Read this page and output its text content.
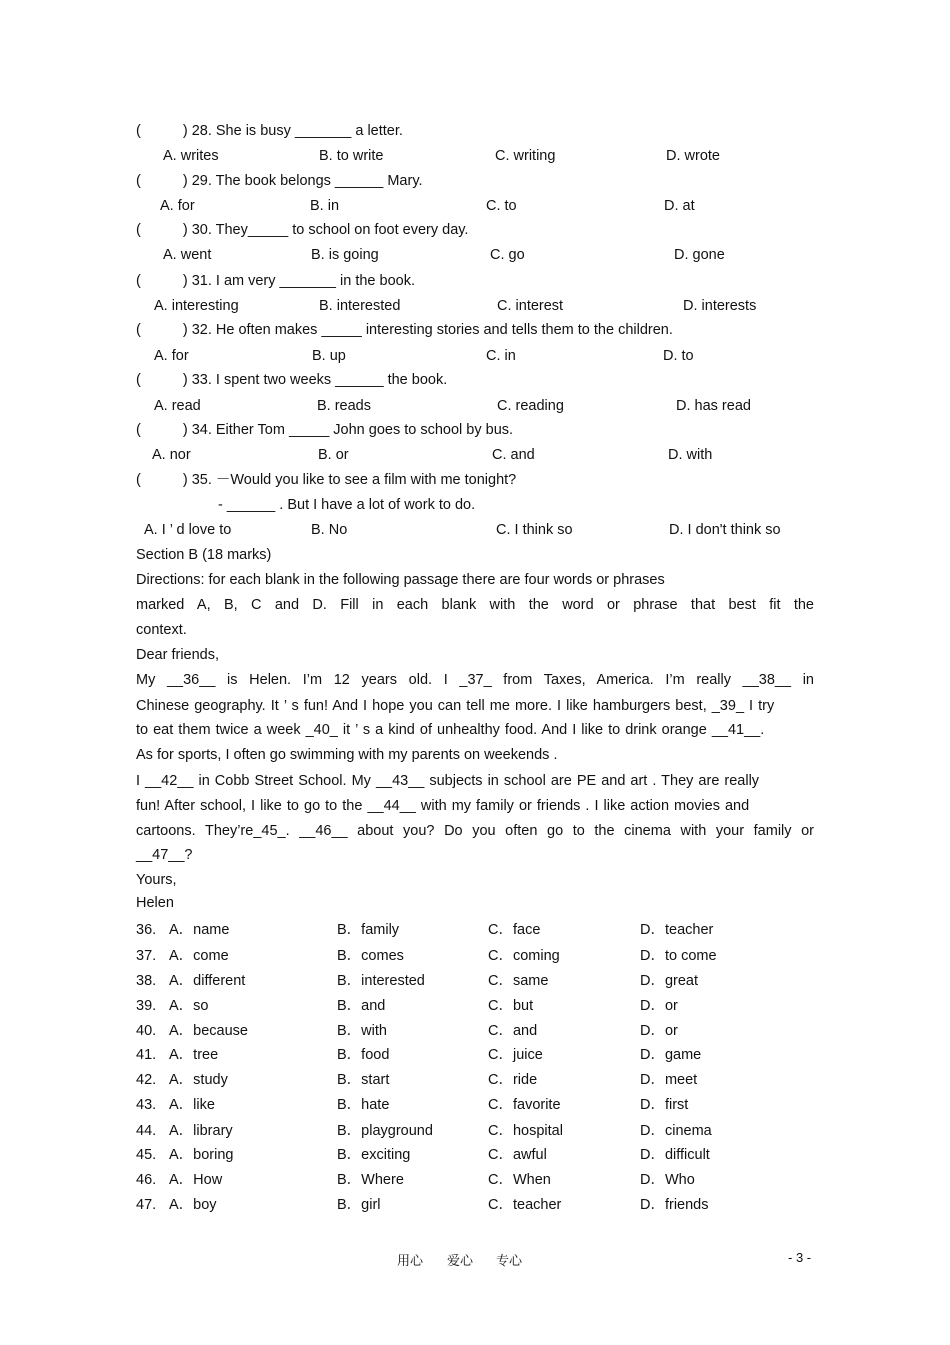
(	) 28. She is busy _______ a letter.
A. writes	B. to write	C. writing	D. wrote
(	) 29. The book belongs ______ Mary.
A. for	B. in	C. to	D. at
(	) 30. They_____ to school on foot every day.
A. went	B. is going	C. go	D. gone
(	) 31. I am very _______ in the book.
A. interesting	B. interested	C. interest	D. interests
(	) 32. He often makes _____ interesting stories and tells them to the children.
A. for	B. up	C. in	D. to
(	) 33. I spent two weeks ______ the book.
A. read	B. reads	C. reading	D. has read
(	) 34. Either Tom _____ John goes to school by bus.
A. nor	B. or	C. and	D. with
(	) 35. －Would you like to see a film with me tonight?
- ______ . But I have a lot of work to do.
A. I ’ d love to	B. No	C. I think so	D. I don't think so
Section B (18 marks)
Directions: for each blank in the following passage there are four words or phrases
marked A, B, C and D. Fill in each blank with the word or phrase that best fit the
context.
Dear friends,
My __36__ is Helen. I’m 12 years old. I _37_ from Taxes, America. I’m really __38__ in
Chinese geography. It ’ s fun! And I hope you can tell me more. I like hamburgers best, _39_ I try
to eat them twice a week _40_ it ’ s a kind of unhealthy food. And I like to drink orange __41__.
As for sports, I often go swimming with my parents on weekends .
I __42__ in Cobb Street School. My __43__ subjects in school are PE and art . They are really
fun! After school, I like to go to the __44__ with my family or friends . I like action movies and
cartoons. They’re_45_. __46__ about you? Do you often go to the cinema with your family or
__47__?
Yours,
Helen
36. A．name	B．family	C．face	D．teacher
37. A．come	B．comes	C．coming	D．to come
38. A．different	B．interested	C．same	D．great
39. A．so	B．and	C．but	D．or
40. A．because	B．with	C．and	D．or
41. A．tree	B．food	C．juice	D．game
42. A．study	B．start	C．ride	D．meet
43. A．like	B．hate	C．favorite	D．first
44. A．library	B．playground	C．hospital	D．cinema
45. A．boring	B．exciting	C．awful	D．difficult
46. A．How	B．Where	C．When	D．Who
47. A．boy	B．girl	C．teacher	D．friends
用心 爱心 专心	- 3 -
